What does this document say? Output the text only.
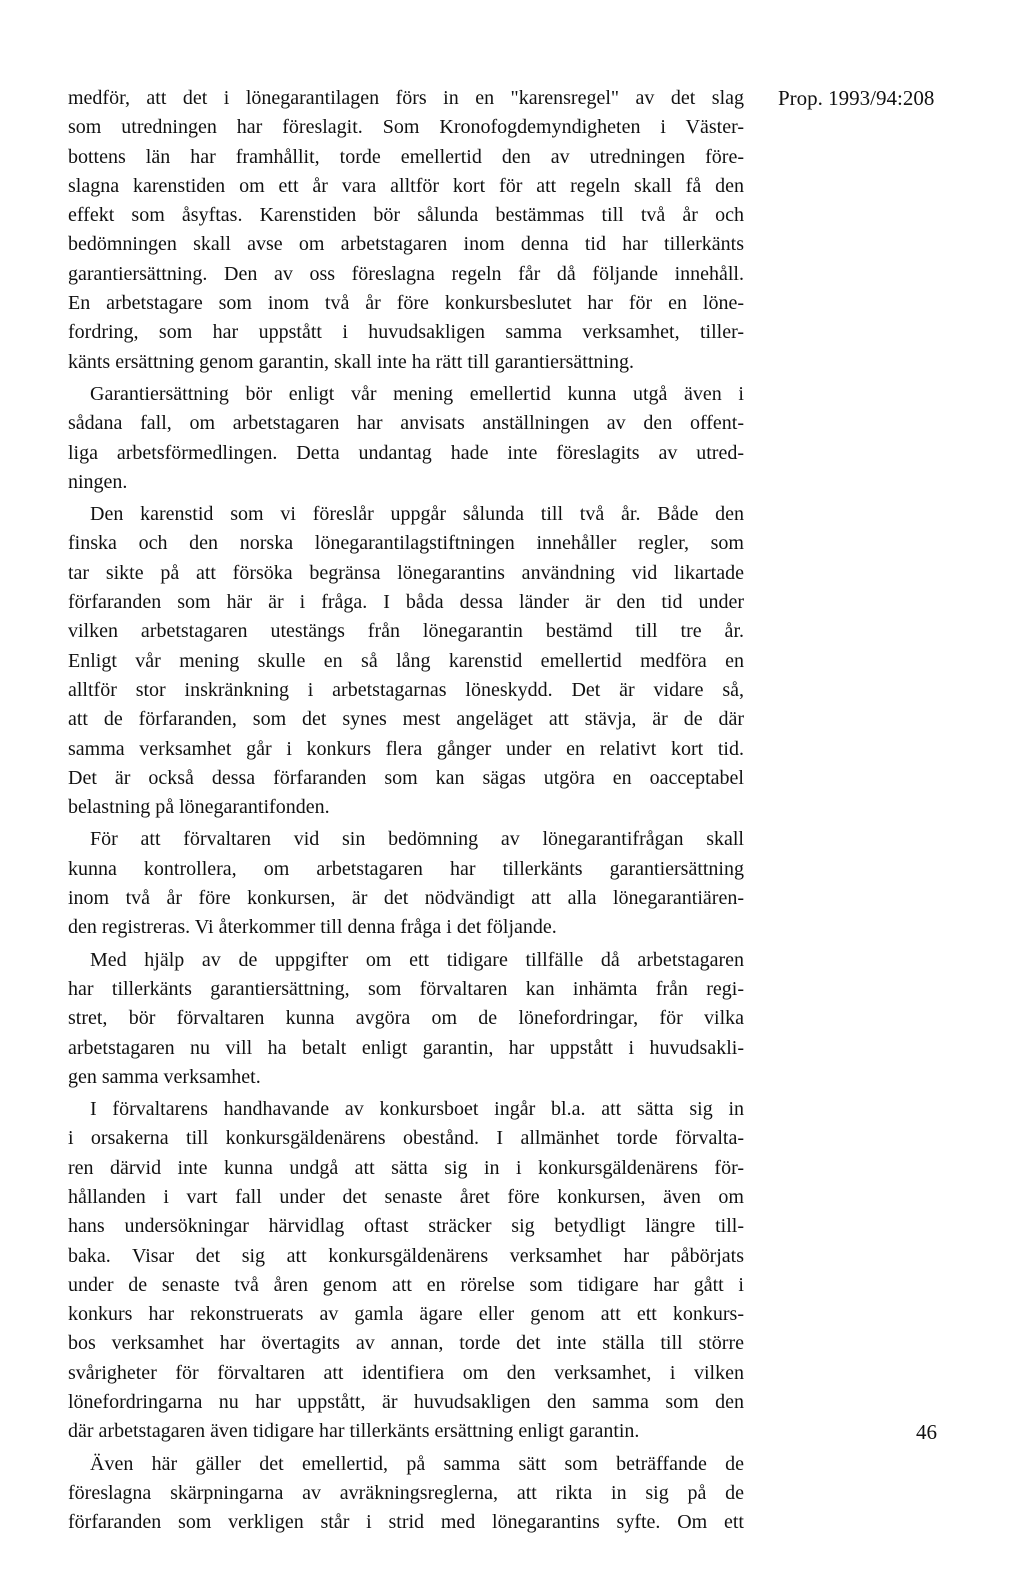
Prop. 1993/94:208
medför, att det i lönegarantilagen förs in en "karensregel" av det slag
som utredningen har föreslagit. Som Kronofogdemyndigheten i Väster-
bottens län har framhållit, torde emellertid den av utredningen före-
slagna karenstiden om ett år vara alltför kort för att regeln skall få den
effekt som åsyftas. Karenstiden bör sålunda bestämmas till två år och
bedömningen skall avse om arbetstagaren inom denna tid har tillerkänts
garantiersättning. Den av oss föreslagna regeln får då följande innehåll.
En arbetstagare som inom två år före konkursbeslutet har för en löne-
fordring, som har uppstått i huvudsakligen samma verksamhet, tiller-
känts ersättning genom garantin, skall inte ha rätt till garantiersättning.
Garantiersättning bör enligt vår mening emellertid kunna utgå även i
sådana fall, om arbetstagaren har anvisats anställningen av den offent-
liga arbetsförmedlingen. Detta undantag hade inte föreslagits av utred-
ningen.
Den karenstid som vi föreslår uppgår sålunda till två år. Både den
finska och den norska lönegarantilagstiftningen innehåller regler, som
tar sikte på att försöka begränsa lönegarantins användning vid likartade
förfaranden som här är i fråga. I båda dessa länder är den tid under
vilken arbetstagaren utestängs från lönegarantin bestämd till tre år.
Enligt vår mening skulle en så lång karenstid emellertid medföra en
alltför stor inskränkning i arbetstagarnas löneskydd. Det är vidare så,
att de förfaranden, som det synes mest angeläget att stävja, är de där
samma verksamhet går i konkurs flera gånger under en relativt kort tid.
Det är också dessa förfaranden som kan sägas utgöra en oacceptabel
belastning på lönegarantifonden.
För att förvaltaren vid sin bedömning av lönegarantifrågan skall
kunna kontrollera, om arbetstagaren har tillerkänts garantiersättning
inom två år före konkursen, är det nödvändigt att alla lönegarantiären-
den registreras. Vi återkommer till denna fråga i det följande.
Med hjälp av de uppgifter om ett tidigare tillfälle då arbetstagaren
har tillerkänts garantiersättning, som förvaltaren kan inhämta från regi-
stret, bör förvaltaren kunna avgöra om de lönefordringar, för vilka
arbetstagaren nu vill ha betalt enligt garantin, har uppstått i huvudsakli-
gen samma verksamhet.
I förvaltarens handhavande av konkursboet ingår bl.a. att sätta sig in
i orsakerna till konkursgäldenärens obestånd. I allmänhet torde förvalta-
ren därvid inte kunna undgå att sätta sig in i konkursgäldenärens för-
hållanden i vart fall under det senaste året före konkursen, även om
hans undersökningar härvidlag oftast sträcker sig betydligt längre till-
baka. Visar det sig att konkursgäldenärens verksamhet har påbörjats
under de senaste två åren genom att en rörelse som tidigare har gått i
konkurs har rekonstruerats av gamla ägare eller genom att ett konkurs-
bos verksamhet har övertagits av annan, torde det inte ställa till större
svårigheter för förvaltaren att identifiera om den verksamhet, i vilken
lönefordringarna nu har uppstått, är huvudsakligen den samma som den
där arbetstagaren även tidigare har tillerkänts ersättning enligt garantin.
Även här gäller det emellertid, på samma sätt som beträffande de
föreslagna skärpningarna av avräkningsreglerna, att rikta in sig på de
förfaranden som verkligen står i strid med lönegarantins syfte. Om ett
46
